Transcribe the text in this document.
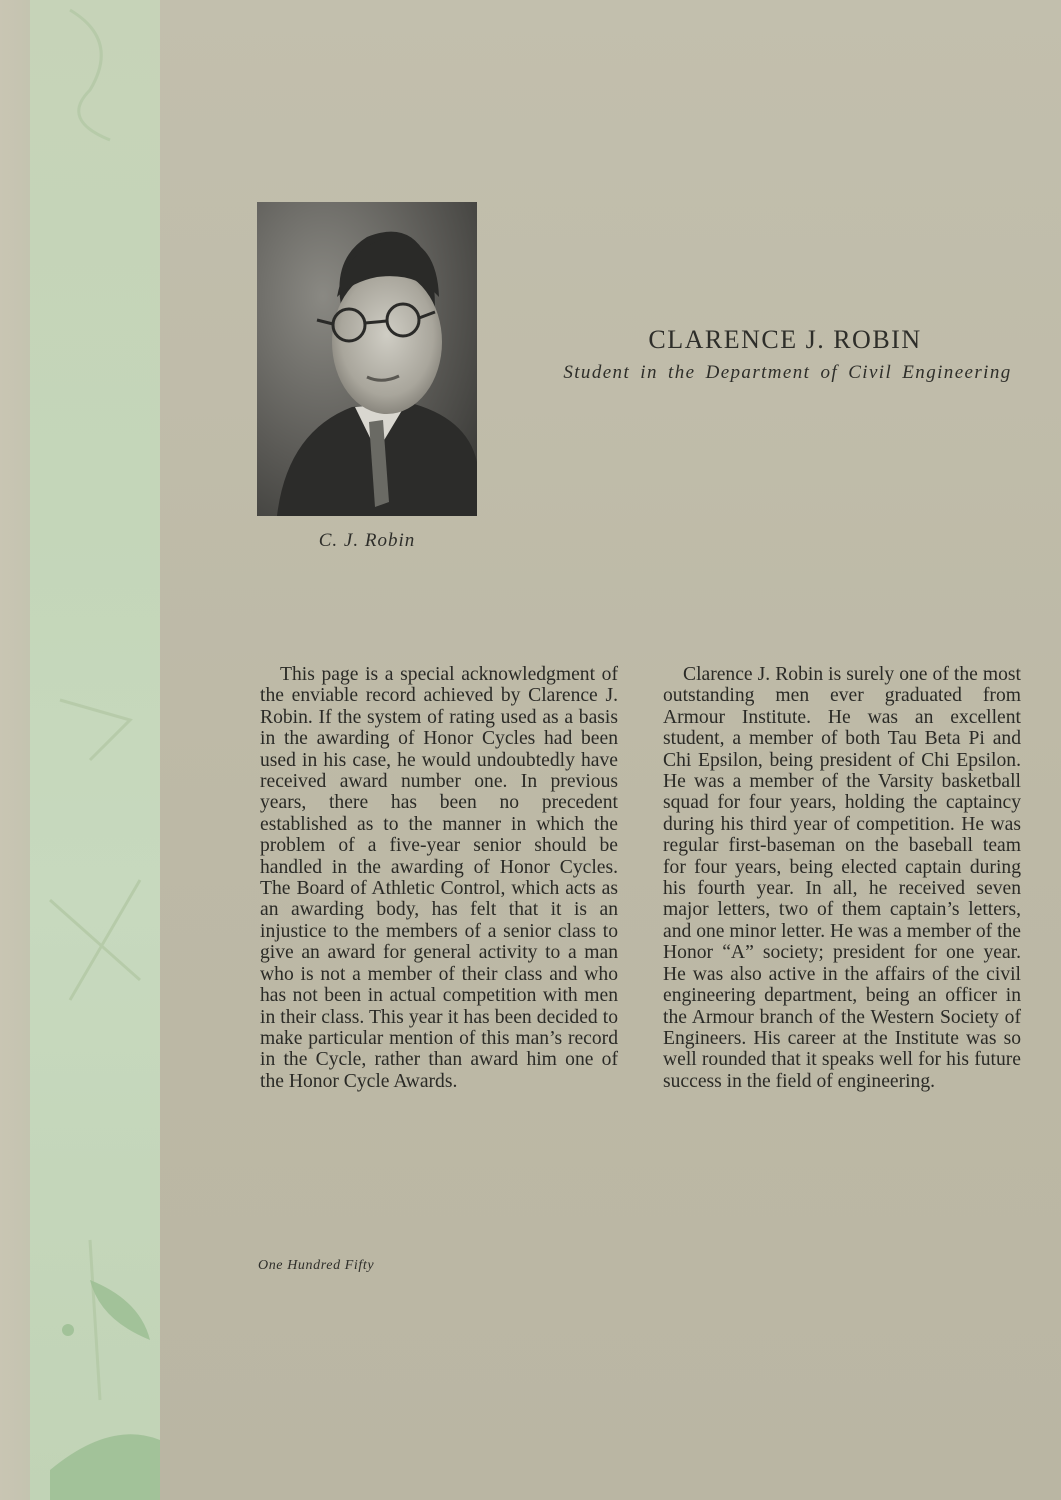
C. J. Robin
CLARENCE J. ROBIN
Student in the Department of Civil Engineering

This page is a special acknowledgment of the enviable record achieved by Clarence J. Robin. If the system of rating used as a basis in the awarding of Honor Cycles had been used in his case, he would undoubtedly have received award number one. In previous years, there has been no precedent established as to the manner in which the problem of a five-year senior should be handled in the awarding of Honor Cycles. The Board of Athletic Control, which acts as an awarding body, has felt that it is an injustice to the members of a senior class to give an award for general activity to a man who is not a member of their class and who has not been in actual competition with men in their class. This year it has been decided to make particular mention of this man’s record in the Cycle, rather than award him one of the Honor Cycle Awards.

Clarence J. Robin is surely one of the most outstanding men ever graduated from Armour Institute. He was an excellent student, a member of both Tau Beta Pi and Chi Epsilon, being president of Chi Epsilon. He was a member of the Varsity basketball squad for four years, holding the captaincy during his third year of competition. He was regular first-baseman on the baseball team for four years, being elected captain during his fourth year. In all, he received seven major letters, two of them captain’s letters, and one minor letter. He was a member of the Honor “A” society; president for one year. He was also active in the affairs of the civil engineering department, being an officer in the Armour branch of the Western Society of Engineers. His career at the Institute was so well rounded that it speaks well for his future success in the field of engineering.

One Hundred Fifty
